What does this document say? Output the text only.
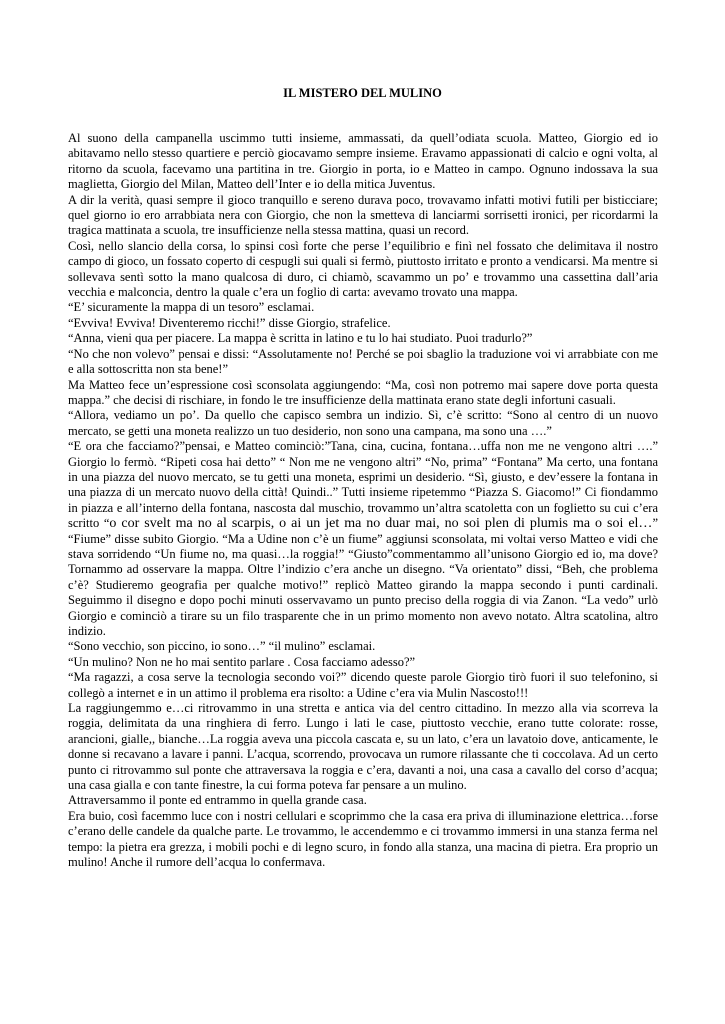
IL MISTERO DEL MULINO

Al suono della campanella uscimmo tutti insieme, ammassati, da quell’odiata scuola. Matteo, Giorgio ed io abitavamo nello stesso quartiere e perciò giocavamo sempre insieme. Eravamo appassionati di calcio e ogni volta, al ritorno da scuola, facevamo una partitina in tre. Giorgio in porta, io e Matteo in campo. Ognuno indossava la sua maglietta, Giorgio del Milan, Matteo dell’Inter e io della mitica Juventus.

A dir la verità, quasi sempre il gioco tranquillo e sereno durava poco, trovavamo infatti motivi futili per bisticciare; quel giorno io ero arrabbiata nera con Giorgio, che non la smetteva di lanciarmi sorrisetti ironici, per ricordarmi la tragica mattinata a scuola, tre insufficienze nella stessa mattina, quasi un record.

Così, nello slancio della corsa, lo spinsi così forte che perse l’equilibrio e finì nel fossato che delimitava il nostro campo di gioco, un fossato coperto di cespugli sui quali si fermò, piuttosto irritato e pronto a vendicarsi. Ma mentre si sollevava sentì sotto la mano qualcosa di duro, ci chiamò, scavammo un po’ e trovammo una cassettina dall’aria vecchia e malconcia, dentro la quale c’era un foglio di carta: avevamo trovato una mappa.

“E’ sicuramente la mappa di un tesoro” esclamai.

“Evviva! Evviva! Diventeremo ricchi!” disse Giorgio, strafelice.

“Anna, vieni qua per piacere. La mappa è scritta in latino e tu lo hai studiato. Puoi tradurlo?”

“No che non volevo” pensai e dissi: “Assolutamente no! Perché se poi sbaglio la traduzione voi vi arrabbiate con me e alla sottoscritta non sta bene!”

Ma Matteo fece un’espressione così sconsolata aggiungendo: “Ma, così non potremo mai sapere dove porta questa mappa.” che decisi di rischiare, in fondo le tre insufficienze della mattinata erano state degli infortuni casuali.

“Allora, vediamo un po’. Da quello che capisco sembra un indizio. Sì, c’è scritto: “Sono al centro di un nuovo mercato, se getti una moneta realizzo un tuo desiderio, non sono una campana, ma sono una ….”

“E ora che facciamo?”pensai, e Matteo cominciò:”Tana, cina, cucina, fontana…uffa non me ne vengono altri ….” Giorgio lo fermò. “Ripeti cosa hai detto” “ Non me ne vengono altri” “No, prima” “Fontana” Ma certo, una fontana in una piazza del nuovo mercato, se tu getti una moneta, esprimi un desiderio. “Sì, giusto, e dev’essere la fontana in una piazza di un mercato nuovo della città! Quindi..” Tutti insieme ripetemmo “Piazza S. Giacomo!” Ci fiondammo in piazza e all’interno della fontana, nascosta dal muschio, trovammo un’altra scatoletta con un foglietto su cui c’era scritto “o cor svelt ma no al scarpis, o ai un jet ma no duar mai, no soi plen di plumis ma o soi el…” “Fiume” disse subito Giorgio. “Ma a Udine non c’è un fiume” aggiunsi sconsolata, mi voltai verso Matteo e vidi che stava sorridendo “Un fiume no, ma quasi…la roggia!” “Giusto”commentammo all’unisono Giorgio ed io, ma dove? Tornammo ad osservare la mappa. Oltre l’indizio c’era anche un disegno. “Va orientato” dissi, “Beh, che problema c’è? Studieremo geografia per qualche motivo!” replicò Matteo girando la mappa secondo i punti cardinali. Seguimmo il disegno e dopo pochi minuti osservavamo un punto preciso della roggia di via Zanon. “La vedo” urlò Giorgio e cominciò a tirare su un filo trasparente che in un primo momento non avevo notato. Altra scatolina, altro indizio.

“Sono vecchio, son piccino, io sono…” “il mulino” esclamai.

“Un mulino? Non ne ho mai sentito parlare . Cosa facciamo adesso?”

“Ma ragazzi, a cosa serve la tecnologia secondo voi?” dicendo queste parole Giorgio tirò fuori il suo telefonino, si collegò a internet e in un attimo il problema era risolto: a Udine c’era via Mulin Nascosto!!!

La raggiungemmo e…ci ritrovammo in una stretta e antica via del centro cittadino. In mezzo alla via scorreva la roggia, delimitata da una ringhiera di ferro. Lungo i lati le case, piuttosto vecchie, erano tutte colorate: rosse, arancioni, gialle,, bianche…La roggia aveva una piccola cascata e, su un lato, c’era un lavatoio dove, anticamente, le donne si recavano a lavare i panni. L’acqua, scorrendo, provocava un rumore rilassante che ti coccolava. Ad un certo punto ci ritrovammo sul ponte che attraversava la roggia e c’era, davanti a noi, una casa a cavallo del corso d’acqua; una casa gialla e con tante finestre, la cui forma poteva far pensare a un mulino.

Attraversammo il ponte ed entrammo in quella grande casa.

Era buio, così facemmo luce con i nostri cellulari e scoprimmo che la casa era priva di illuminazione elettrica…forse c’erano delle candele da qualche parte. Le trovammo, le accendemmo e ci trovammo immersi in una stanza ferma nel tempo: la pietra era grezza, i mobili pochi e di legno scuro, in fondo alla stanza, una macina di pietra. Era proprio un mulino! Anche il rumore dell’acqua lo confermava.
